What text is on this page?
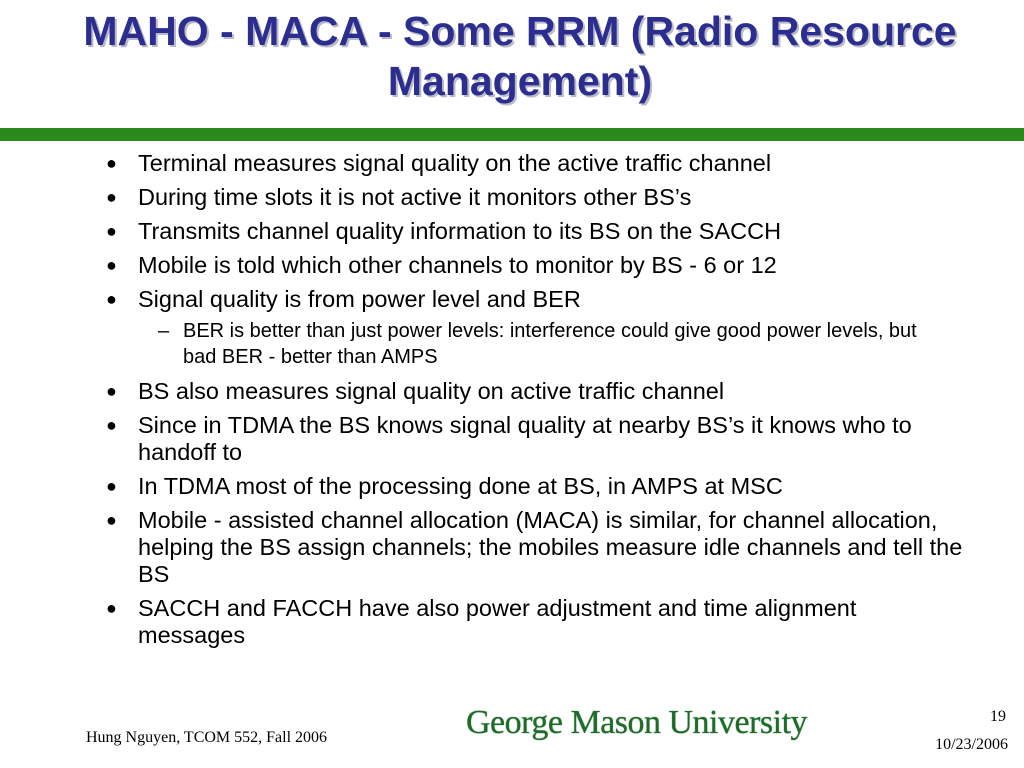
MAHO - MACA - Some RRM (Radio Resource Management)
● Terminal measures signal quality on the active traffic channel
● During time slots it is not active it monitors other BS’s
● Transmits channel quality information to its BS on the SACCH
● Mobile is told which other channels to monitor by BS - 6 or 12
● Signal quality is from power level and BER
– BER is better than just power levels: interference could give good power levels, but bad BER - better than AMPS
● BS also measures signal quality on active traffic channel
● Since in TDMA the BS knows signal quality at nearby BS’s it knows who to handoff to
● In TDMA most of the processing done at BS, in AMPS at MSC
● Mobile - assisted channel allocation (MACA) is similar, for channel allocation, helping the BS assign channels; the mobiles measure idle channels and tell the BS
● SACCH and FACCH have also power adjustment and time alignment messages
Hung Nguyen, TCOM 552, Fall 2006	George Mason University	19
10/23/2006
